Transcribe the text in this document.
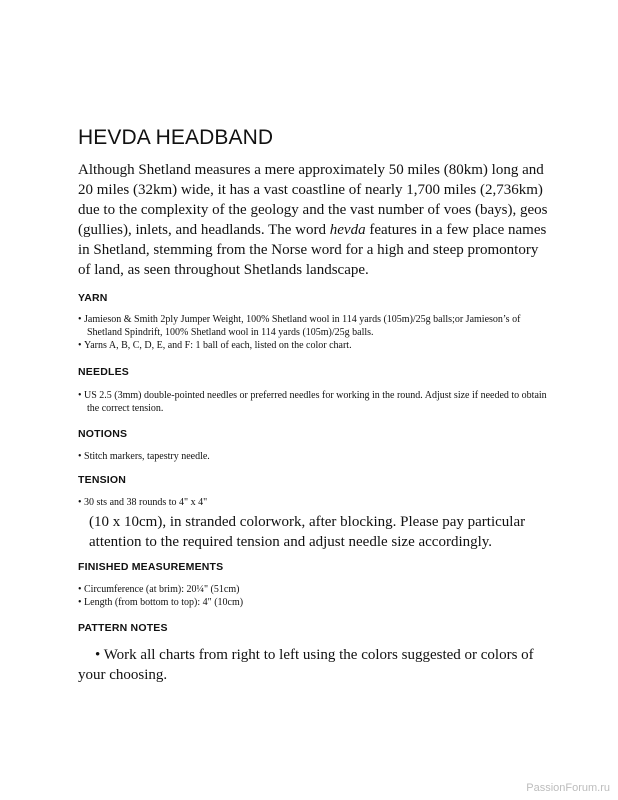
HEVDA HEADBAND

Although Shetland measures a mere approximately 50 miles (80km) long and 20 miles (32km) wide, it has a vast coastline of nearly 1,700 miles (2,736km) due to the complexity of the geology and the vast number of voes (bays), geos (gullies), inlets, and headlands. The word hevda features in a few place names in Shetland, stemming from the Norse word for a high and steep promontory of land, as seen throughout Shetlands landscape.

YARN
• Jamieson & Smith 2ply Jumper Weight, 100% Shetland wool in 114 yards (105m)/25g balls;or Jamieson’s of Shetland Spindrift, 100% Shetland wool in 114 yards (105m)/25g balls.
• Yarns A, B, C, D, E, and F: 1 ball of each, listed on the color chart.
NEEDLES
• US 2.5 (3mm) double-pointed needles or preferred needles for working in the round. Adjust size if needed to obtain the correct tension.
NOTIONS
• Stitch markers, tapestry needle.
TENSION
• 30 sts and 38 rounds to 4" x 4"

(10 x 10cm), in stranded colorwork, after blocking. Please pay particular attention to the required tension and adjust needle size accordingly.

FINISHED MEASUREMENTS
• Circumference (at brim): 20¼" (51cm)
• Length (from bottom to top): 4" (10cm)
PATTERN NOTES

• Work all charts from right to left using the colors suggested or colors of your choosing.

PassionForum.ru
